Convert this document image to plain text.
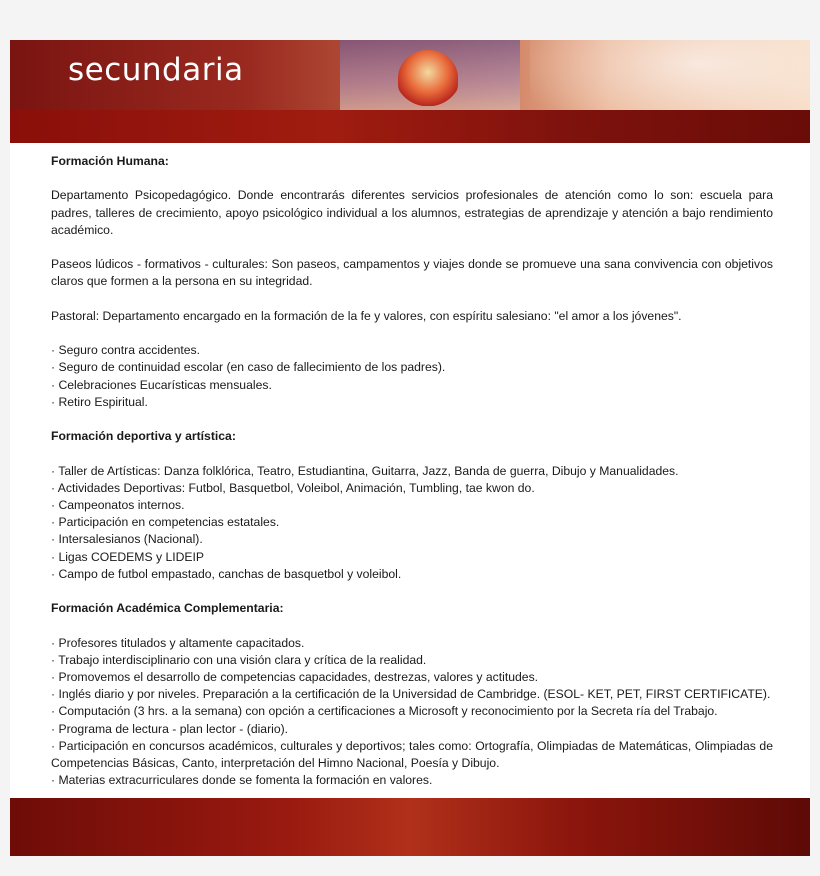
secundaria

Formación Humana:

Departamento Psicopedagógico. Donde encontrarás diferentes servicios profesionales de atención como lo son: escuela para padres, talleres de crecimiento, apoyo psicológico individual a los alumnos, estrategias de aprendizaje y atención a bajo rendimiento académico.

Paseos lúdicos - formativos - culturales: Son paseos, campamentos y viajes donde se promueve una sana convivencia con objetivos claros que formen a la persona en su integridad.

Pastoral: Departamento encargado en la formación de la fe y valores, con espíritu salesiano: "el amor a los jóvenes".

· Seguro contra accidentes.

· Seguro de continuidad escolar (en caso de fallecimiento de los padres).

· Celebraciones Eucarísticas mensuales.

· Retiro Espiritual.

Formación deportiva y artística:

· Taller de Artísticas: Danza folklórica, Teatro, Estudiantina, Guitarra, Jazz, Banda de guerra, Dibujo y Manualidades.

· Actividades Deportivas: Futbol, Basquetbol, Voleibol, Animación, Tumbling, tae kwon do.

· Campeonatos internos.

· Participación en competencias estatales.

· Intersalesianos (Nacional).

· Ligas COEDEMS y LIDEIP

· Campo de futbol empastado, canchas de basquetbol y voleibol.

Formación Académica Complementaria:

· Profesores titulados y altamente capacitados.

· Trabajo interdisciplinario con una visión clara y crítica de la realidad.

· Promovemos el desarrollo de competencias capacidades, destrezas, valores y actitudes.

· Inglés diario y por niveles. Preparación a la certificación de la Universidad de Cambridge. (ESOL- KET, PET, FIRST CERTIFICATE).

· Computación (3 hrs. a la semana) con opción a certificaciones a Microsoft y reconocimiento por la Secreta ría del Trabajo.

· Programa de lectura - plan lector - (diario).

· Participación en concursos académicos, culturales y deportivos; tales como: Ortografía, Olimpiadas de Matemáticas, Olimpiadas de Competencias Básicas, Canto, interpretación del Himno Nacional, Poesía y Dibujo.

· Materias extracurriculares donde se fomenta la formación en valores.
